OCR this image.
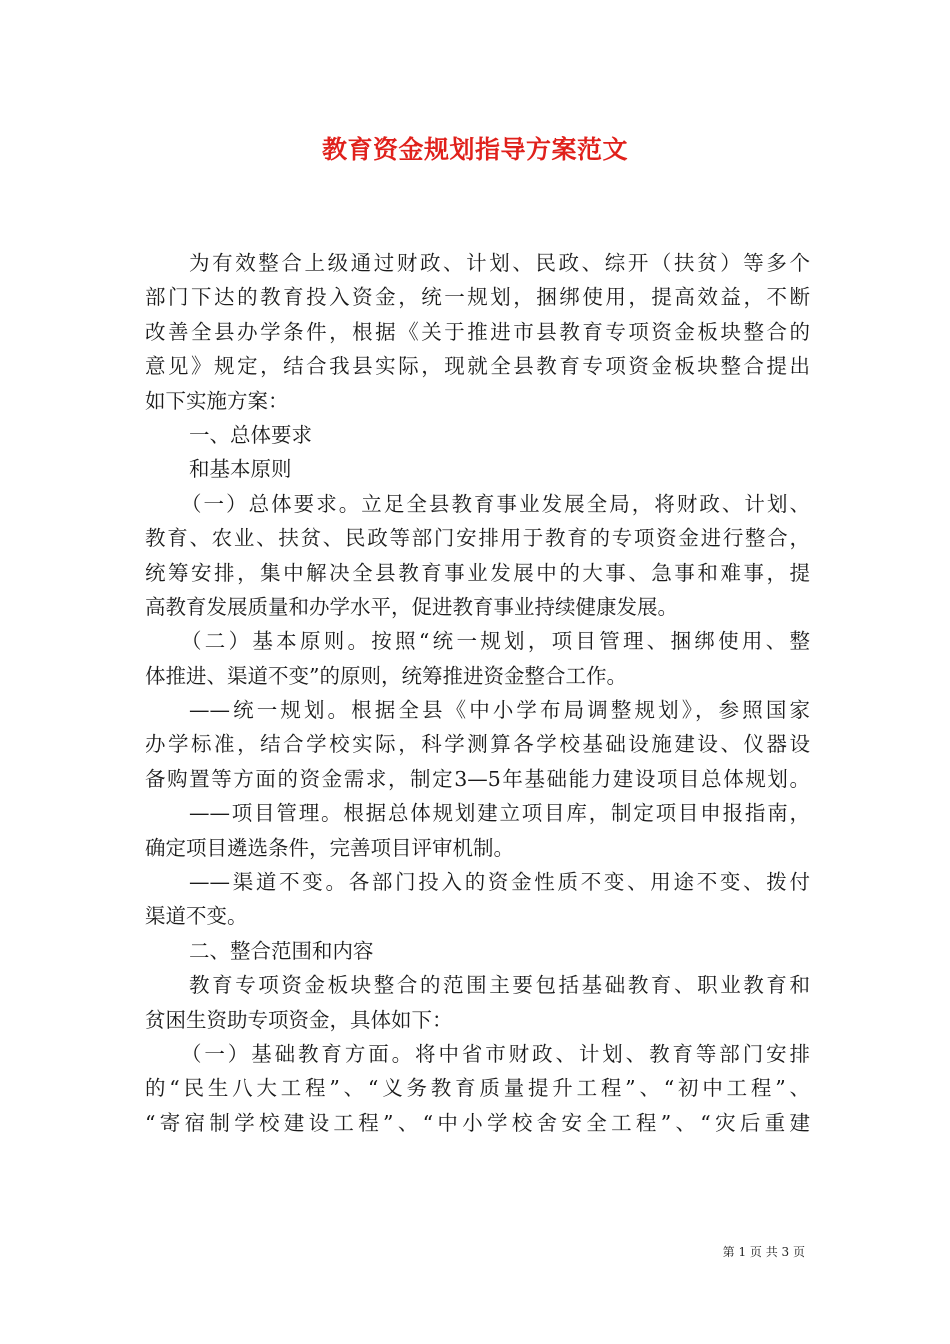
教育资金规划指导方案范文
为有效整合上级通过财政、计划、民政、综开（扶贫）等多个
部门下达的教育投入资金，统一规划，捆绑使用，提高效益，不断
改善全县办学条件，根据《关于推进市县教育专项资金板块整合的
意见》规定，结合我县实际，现就全县教育专项资金板块整合提出
如下实施方案：
一、总体要求
和基本原则
（一）总体要求。立足全县教育事业发展全局，将财政、计划、
教育、农业、扶贫、民政等部门安排用于教育的专项资金进行整合，
统筹安排，集中解决全县教育事业发展中的大事、急事和难事，提
高教育发展质量和办学水平，促进教育事业持续健康发展。
（二）基本原则。按照“统一规划，项目管理、捆绑使用、整
体推进、渠道不变”的原则，统筹推进资金整合工作。
——统一规划。根据全县《中小学布局调整规划》，参照国家
办学标准，结合学校实际，科学测算各学校基础设施建设、仪器设
备购置等方面的资金需求，制定3—5年基础能力建设项目总体规划。
——项目管理。根据总体规划建立项目库，制定项目申报指南，
确定项目遴选条件，完善项目评审机制。
——渠道不变。各部门投入的资金性质不变、用途不变、拨付
渠道不变。
二、整合范围和内容
教育专项资金板块整合的范围主要包括基础教育、职业教育和
贫困生资助专项资金，具体如下：
（一）基础教育方面。将中省市财政、计划、教育等部门安排
的“民生八大工程”、“义务教育质量提升工程”、“初中工程”、
“寄宿制学校建设工程”、“中小学校舍安全工程”、“灾后重建
第 1 页 共 3 页
